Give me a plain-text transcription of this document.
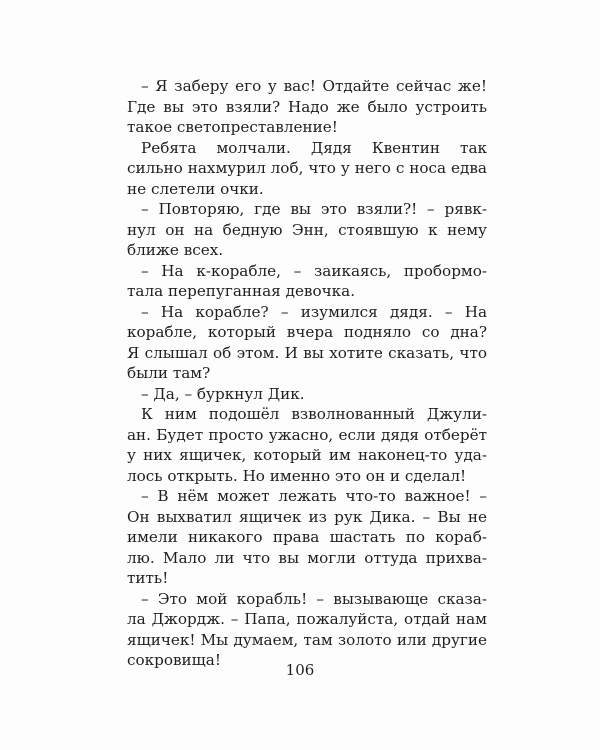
– Я заберу его у вас! Отдайте сейчас же!
Где вы это взяли? Надо же было устроить
такое светопреставление!
Ребята молчали. Дядя Квентин так
сильно нахмурил лоб, что у него с носа едва
не слетели очки.
– Повторяю, где вы это взяли?! – рявк-
нул он на бедную Энн, стоявшую к нему
ближе всех.
– На к-корабле, – заикаясь, пробормо-
тала перепуганная девочка.
– На корабле? – изумился дядя. – На
корабле, который вчера подняло со дна?
Я слышал об этом. И вы хотите сказать, что
были там?
– Да, – буркнул Дик.
К ним подошёл взволнованный Джули-
ан. Будет просто ужасно, если дядя отберёт
у них ящичек, который им наконец-то уда-
лось открыть. Но именно это он и сделал!
– В нём может лежать что-то важное! –
Он выхватил ящичек из рук Дика. – Вы не
имели никакого права шастать по кораб-
лю. Мало ли что вы могли оттуда прихва-
тить!
– Это мой корабль! – вызывающе сказа-
ла Джордж. – Папа, пожалуйста, отдай нам
ящичек! Мы думаем, там золото или другие
сокровища!
106
